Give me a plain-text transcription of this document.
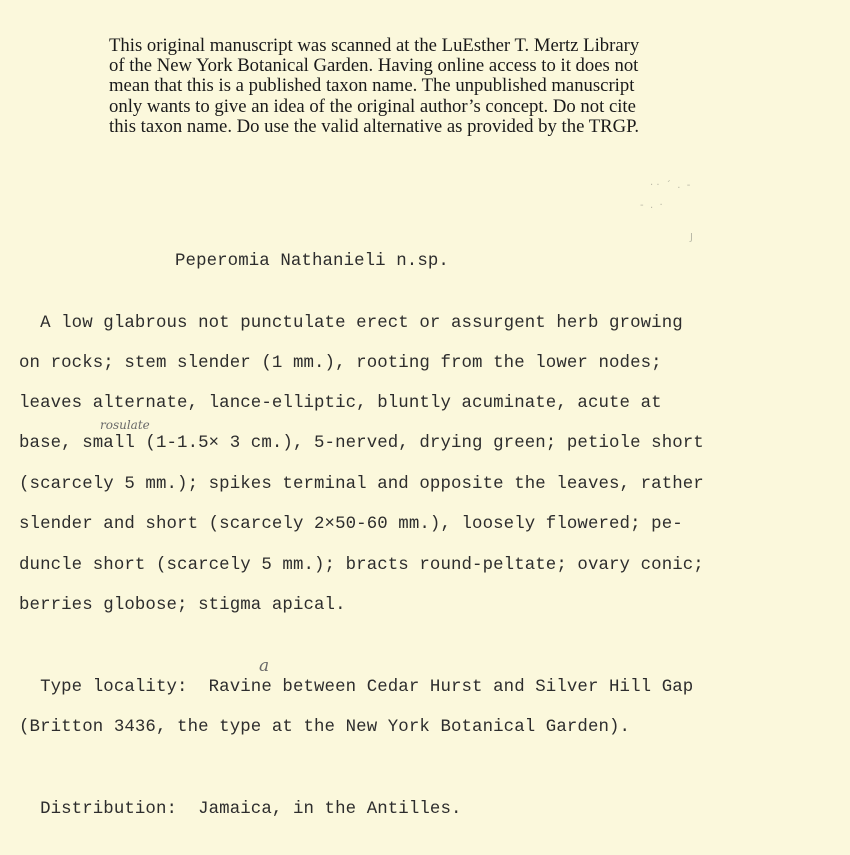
This original manuscript was scanned at the LuEsther T. Mertz Library
of the New York Botanical Garden. Having online access to it does not
mean that this is a published taxon name. The unpublished manuscript
only wants to give an idea of the original author’s concept. Do not cite
this taxon name. Do use the valid alternative as provided by the TRGP.
· ·  ´  .  -
-  .  ·
J
Peperomia Nathanieli n.sp.
A low glabrous not punctulate erect or assurgent herb growing
on rocks; stem slender (1 mm.), rooting from the lower nodes;
leaves alternate, lance-elliptic, bluntly acuminate, acute at
rosulate
base, small (1-1.5× 3 cm.), 5-nerved, drying green; petiole short
(scarcely 5 mm.); spikes terminal and opposite the leaves, rather
slender and short (scarcely 2×50-60 mm.), loosely flowered; pe-
duncle short (scarcely 5 mm.); bracts round-peltate; ovary conic;
berries globose; stigma apical.
a
Type locality:  Ravine between Cedar Hurst and Silver Hill Gap
(Britton 3436, the type at the New York Botanical Garden).
Distribution:  Jamaica, in the Antilles.
